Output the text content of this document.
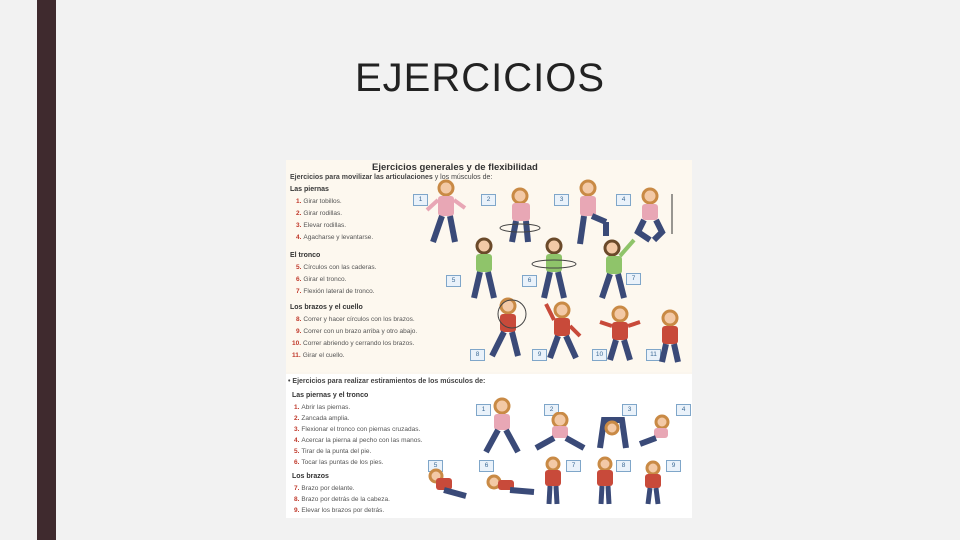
EJERCICIOS
Ejercicios generales y de flexibilidad
Ejercicios para movilizar las articulaciones y los músculos de:
Las piernas
1. Girar tobillos.
2. Girar rodillas.
3. Elevar rodillas.
4. Agacharse y levantarse.
El tronco
5. Círculos con las caderas.
6. Girar el tronco.
7. Flexión lateral de tronco.
Los brazos y el cuello
8. Correr y hacer círculos con los brazos.
9. Correr con un brazo arriba y otro abajo.
10. Correr abriendo y cerrando los brazos.
11. Girar el cuello.
1	2	3	4
5	6	7
8	9	10	11
• Ejercicios para realizar estiramientos de los músculos de:
Las piernas y el tronco
1. Abrir las piernas.
2. Zancada amplia.
3. Flexionar el tronco con piernas cruzadas.
4. Acercar la pierna al pecho con las manos.
5. Tirar de la punta del pie.
6. Tocar las puntas de los pies.
Los brazos
7. Brazo por delante.
8. Brazo por detrás de la cabeza.
9. Elevar los brazos por detrás.
1	2	3	4
5	6	7	8	9
